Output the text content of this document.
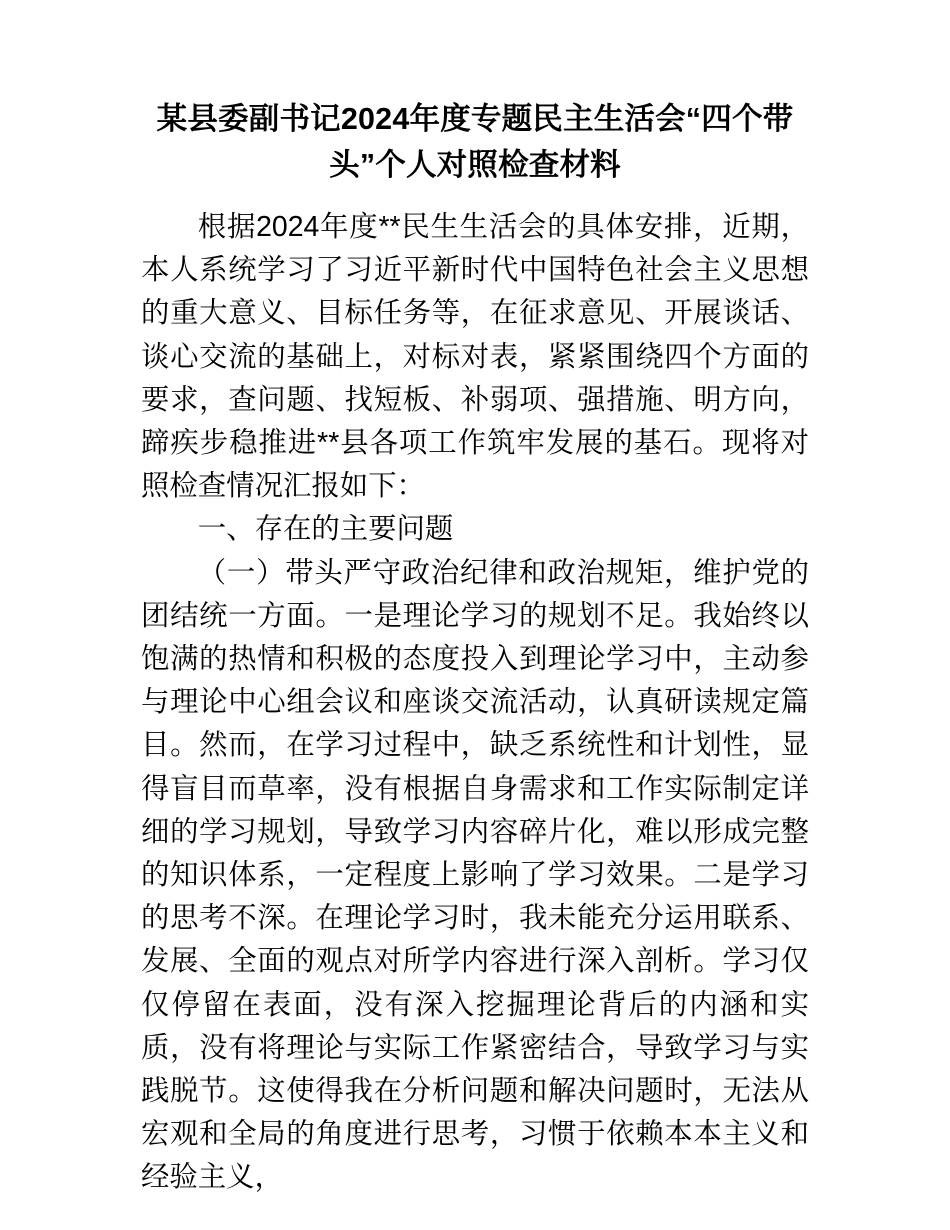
某县委副书记2024年度专题民主生活会“四个带头”个人对照检查材料

根据2024年度**民生生活会的具体安排，近期，本人系统学习了习近平新时代中国特色社会主义思想的重大意义、目标任务等，在征求意见、开展谈话、谈心交流的基础上，对标对表，紧紧围绕四个方面的要求，查问题、找短板、补弱项、强措施、明方向，蹄疾步稳推进**县各项工作筑牢发展的基石。现将对照检查情况汇报如下：

一、存在的主要问题

（一）带头严守政治纪律和政治规矩，维护党的团结统一方面。一是理论学习的规划不足。我始终以饱满的热情和积极的态度投入到理论学习中，主动参与理论中心组会议和座谈交流活动，认真研读规定篇目。然而，在学习过程中，缺乏系统性和计划性，显得盲目而草率，没有根据自身需求和工作实际制定详细的学习规划，导致学习内容碎片化，难以形成完整的知识体系，一定程度上影响了学习效果。二是学习的思考不深。在理论学习时，我未能充分运用联系、发展、全面的观点对所学内容进行深入剖析。学习仅仅停留在表面，没有深入挖掘理论背后的内涵和实质，没有将理论与实际工作紧密结合，导致学习与实践脱节。这使得我在分析问题和解决问题时，无法从宏观和全局的角度进行思考，习惯于依赖本本主义和经验主义，
